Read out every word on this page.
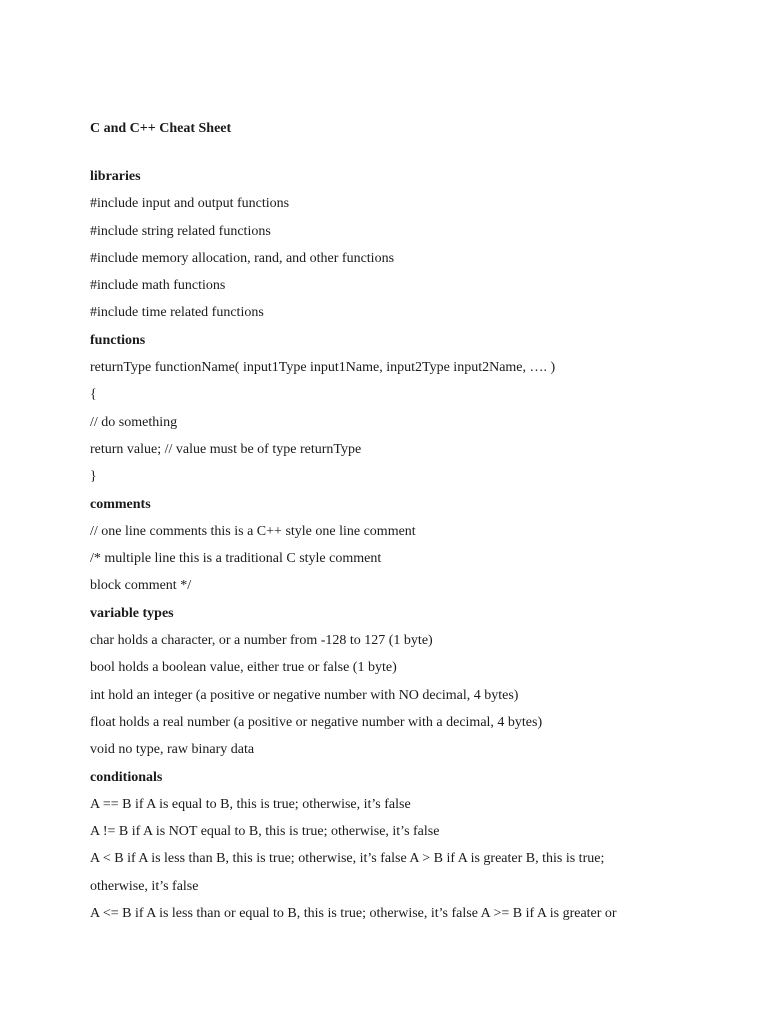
C and C++ Cheat Sheet

libraries

#include input and output functions

#include string related functions

#include memory allocation, rand, and other functions

#include math functions

#include time related functions

functions

returnType functionName( input1Type input1Name, input2Type input2Name, …. )

{

// do something

return value; // value must be of type returnType

}

comments

// one line comments this is a C++ style one line comment

/* multiple line this is a traditional C style comment

block comment */

variable types

char holds a character, or a number from -128 to 127 (1 byte)

bool holds a boolean value, either true or false (1 byte)

int hold an integer (a positive or negative number with NO decimal, 4 bytes)

float holds a real number (a positive or negative number with a decimal, 4 bytes)

void no type, raw binary data

conditionals

A == B if A is equal to B, this is true; otherwise, it’s false

A != B if A is NOT equal to B, this is true; otherwise, it’s false

A < B if A is less than B, this is true; otherwise, it’s false A > B if A is greater B, this is true;

otherwise, it’s false

A <= B if A is less than or equal to B, this is true; otherwise, it’s false A >= B if A is greater or
